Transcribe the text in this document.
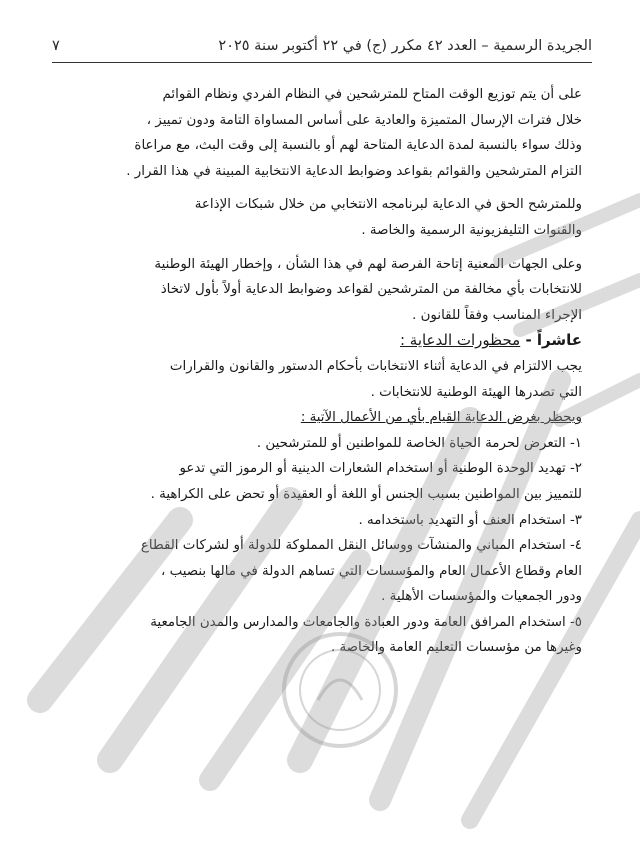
الجريدة الرسمية – العدد ٤٢ مكرر (ج) في ٢٢ أكتوبر سنة ٢٠٢٥
٧
على أن يتم توزيع الوقت المتاح للمترشحين في النظام الفردي ونظام القوائم
خلال فترات الإرسال المتميزة والعادية على أساس المساواة التامة ودون تمييز ،
وذلك سواء بالنسبة لمدة الدعاية المتاحة لهم أو بالنسبة إلى وقت البث، مع مراعاة
التزام المترشحين والقوائم بقواعد وضوابط الدعاية الانتخابية المبينة في هذا القرار .
وللمترشح الحق في الدعاية لبرنامجه الانتخابي من خلال شبكات الإذاعة
والقنوات التليفزيونية الرسمية والخاصة .
وعلى الجهات المعنية إتاحة الفرصة لهم في هذا الشأن ، وإخطار الهيئة الوطنية
للانتخابات بأي مخالفة من المترشحين لقواعد وضوابط الدعاية أولاً بأول لاتخاذ
الإجراء المناسب وفقاً للقانون .
عاشراً - محظورات الدعاية :
يجب الالتزام في الدعاية أثناء الانتخابات بأحكام الدستور والقانون والقرارات
التي تصدرها الهيئة الوطنية للانتخابات .
ويحظر بغرض الدعاية القيام بأي من الأعمال الآتية :
١- التعرض لحرمة الحياة الخاصة للمواطنين أو للمترشحين .
٢- تهديد الوحدة الوطنية أو استخدام الشعارات الدينية أو الرموز التي تدعو
للتمييز بين المواطنين بسبب الجنس أو اللغة أو العقيدة أو تحض على الكراهية .
٣- استخدام العنف أو التهديد باستخدامه .
٤- استخدام المباني والمنشآت ووسائل النقل المملوكة للدولة أو لشركات القطاع
العام وقطاع الأعمال العام والمؤسسات التي تساهم الدولة في مالها بنصيب ،
ودور الجمعيات والمؤسسات الأهلية .
٥- استخدام المرافق العامة ودور العبادة والجامعات والمدارس والمدن الجامعية
وغيرها من مؤسسات التعليم العامة والخاصة .
